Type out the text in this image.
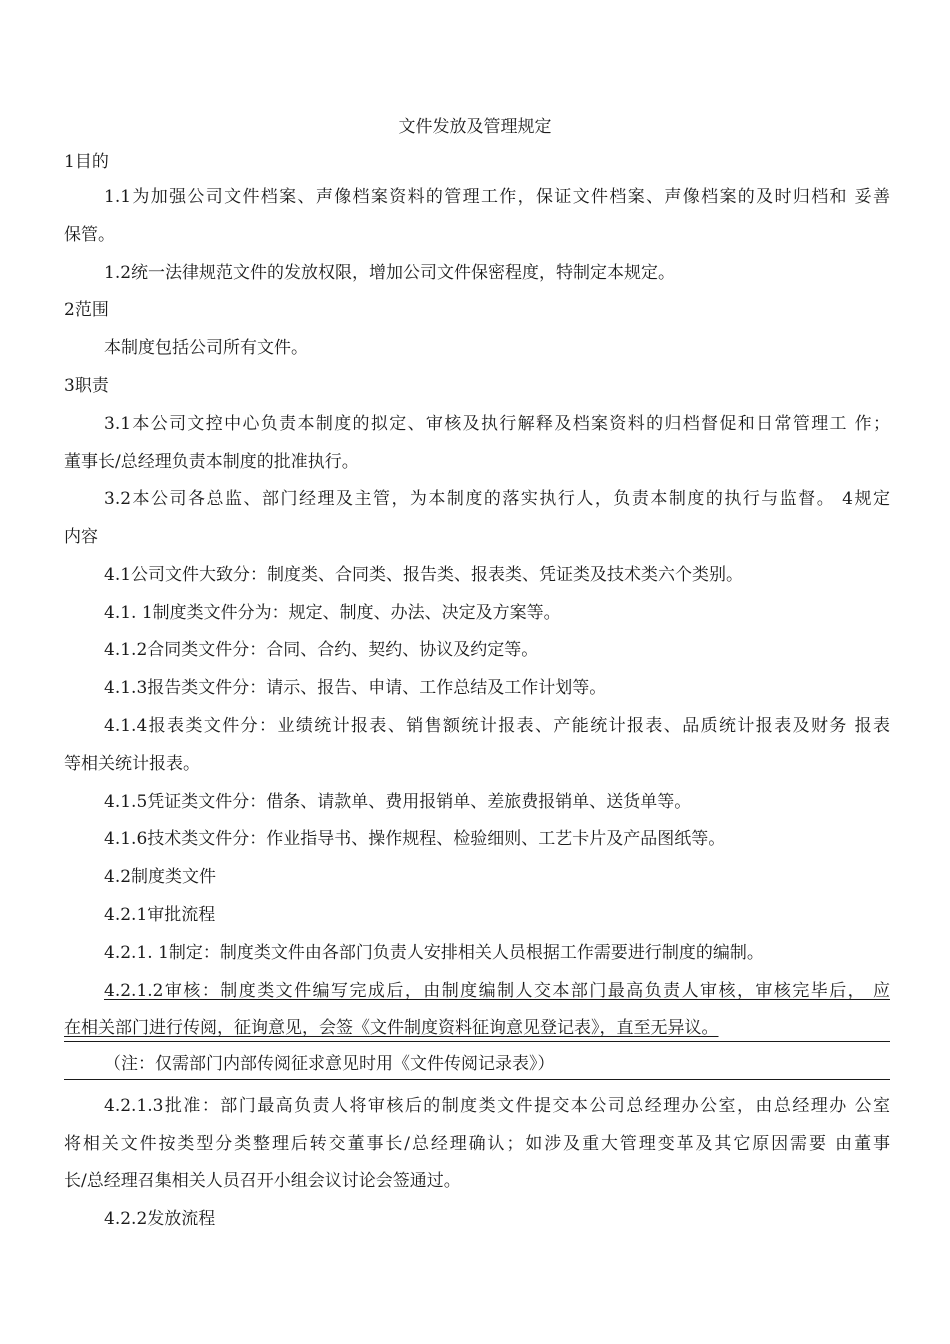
文件发放及管理规定
1目的
1.1为加强公司文件档案、声像档案资料的管理工作，保证文件档案、声像档案的及时归档和 妥善
保管。
1.2统一法律规范文件的发放权限，增加公司文件保密程度，特制定本规定。
2范围
本制度包括公司所有文件。
3职责
3.1本公司文控中心负责本制度的拟定、审核及执行解释及档案资料的归档督促和日常管理工 作；
董事长/总经理负责本制度的批准执行。
3.2本公司各总监、部门经理及主管，为本制度的落实执行人，负责本制度的执行与监督。 4规定
内容
4.1公司文件大致分：制度类、合同类、报告类、报表类、凭证类及技术类六个类别。
4.1. 1制度类文件分为：规定、制度、办法、决定及方案等。
4.1.2合同类文件分：合同、合约、契约、协议及约定等。
4.1.3报告类文件分：请示、报告、申请、工作总结及工作计划等。
4.1.4报表类文件分：业绩统计报表、销售额统计报表、产能统计报表、品质统计报表及财务 报表
等相关统计报表。
4.1.5凭证类文件分：借条、请款单、费用报销单、差旅费报销单、送货单等。
4.1.6技术类文件分：作业指导书、操作规程、检验细则、工艺卡片及产品图纸等。
4.2制度类文件
4.2.1审批流程
4.2.1. 1制定：制度类文件由各部门负责人安排相关人员根据工作需要进行制度的编制。
4.2.1.2审核：制度类文件编写完成后，由制度编制人交本部门最高负责人审核，审核完毕后， 应
在相关部门进行传阅，征询意见，会签《文件制度资料征询意见登记表》，直至无异议。
（注：仅需部门内部传阅征求意见时用《文件传阅记录表》）
4.2.1.3批准：部门最高负责人将审核后的制度类文件提交本公司总经理办公室，由总经理办 公室
将相关文件按类型分类整理后转交董事长/总经理确认；如涉及重大管理变革及其它原因需要 由董事
长/总经理召集相关人员召开小组会议讨论会签通过。
4.2.2发放流程
